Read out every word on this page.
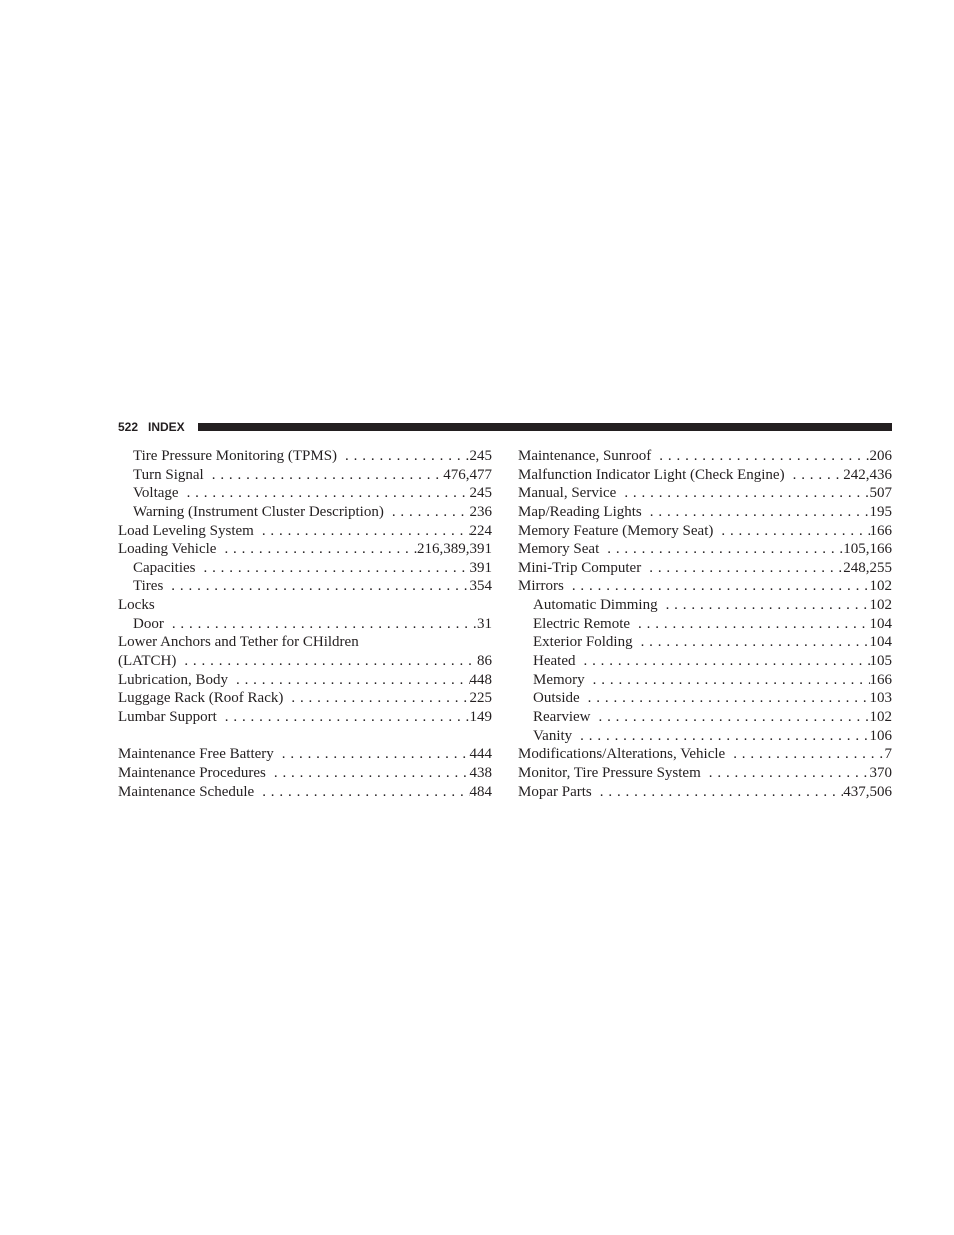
522 INDEX
Tire Pressure Monitoring (TPMS) . . .	245
Turn Signal . . .	476,477
Voltage . . .	245
Warning (Instrument Cluster Description) . . .	236
Load Leveling System . . .	224
Loading Vehicle . . .	216,389,391
Capacities . . .	391
Tires . . .	354
Locks
Door . . .	31
Lower Anchors and Tether for CHildren
(LATCH) . . .	86
Lubrication, Body . . .	448
Luggage Rack (Roof Rack) . . .	225
Lumbar Support . . .	149
Maintenance Free Battery . . .	444
Maintenance Procedures . . .	438
Maintenance Schedule . . .	484
Maintenance, Sunroof . . .	206
Malfunction Indicator Light (Check Engine) . . .	242,436
Manual, Service . . .	507
Map/Reading Lights . . .	195
Memory Feature (Memory Seat) . . .	166
Memory Seat . . .	105,166
Mini-Trip Computer . . .	248,255
Mirrors . . .	102
Automatic Dimming . . .	102
Electric Remote . . .	104
Exterior Folding . . .	104
Heated . . .	105
Memory . . .	166
Outside . . .	103
Rearview . . .	102
Vanity . . .	106
Modifications/Alterations, Vehicle . . .	7
Monitor, Tire Pressure System . . .	370
Mopar Parts . . .	437,506
